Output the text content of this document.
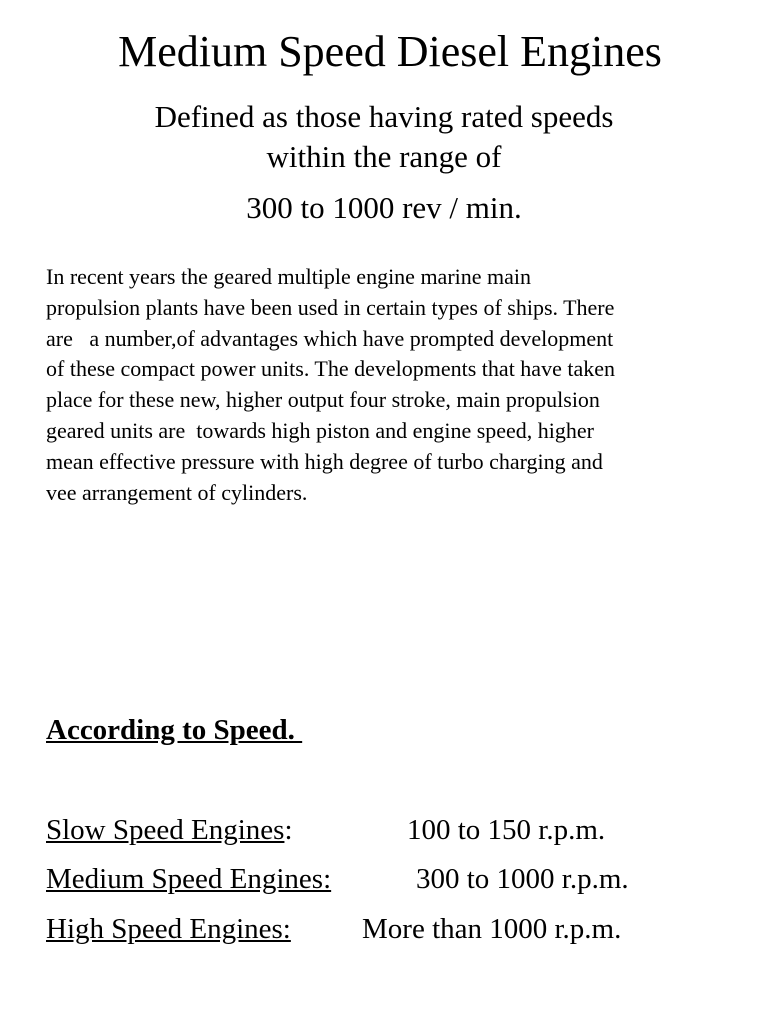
Medium Speed Diesel Engines
Defined as those having rated speeds
within the range of
300 to 1000 rev / min.
In recent years the geared multiple engine marine main
propulsion plants have been used in certain types of ships. There
are   a number,of advantages which have prompted development
of these compact power units. The developments that have taken
place for these new, higher output four stroke, main propulsion
geared units are  towards high piston and engine speed, higher
mean effective pressure with high degree of turbo charging and
vee arrangement of cylinders.
According to Speed.
Slow Speed Engines:	100 to 150 r.p.m.
Medium Speed Engines:	300 to 1000 r.p.m.
High Speed Engines: More than 1000 r.p.m.
